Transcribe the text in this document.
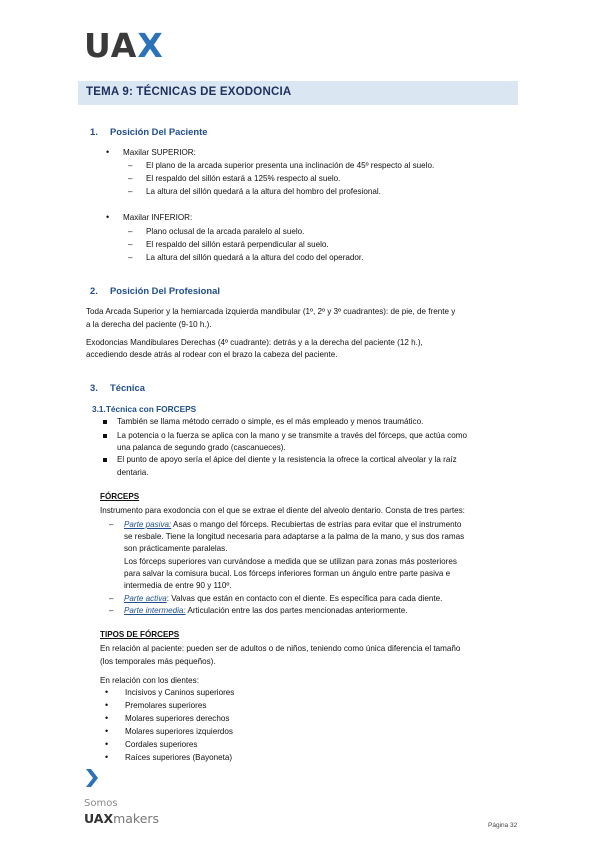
UAX
TEMA 9: TÉCNICAS DE EXODONCIA
1. Posición Del Paciente
• Maxilar SUPERIOR:
– El plano de la arcada superior presenta una inclinación de 45º respecto al suelo.
– El respaldo del sillón estará a 125% respecto al suelo.
– La altura del sillón quedará a la altura del hombro del profesional.
• Maxilar INFERIOR:
– Plano oclusal de la arcada paralelo al suelo.
– El respaldo del sillón estará perpendicular al suelo.
– La altura del sillón quedará a la altura del codo del operador.
2. Posición Del Profesional
Toda Arcada Superior y la hemiarcada izquierda mandibular (1º, 2º y 3º cuadrantes): de pie, de frente y
a la derecha del paciente (9-10 h.).
Exodoncias Mandibulares Derechas (4º cuadrante): detrás y a la derecha del paciente (12 h.),
accediendo desde atrás al rodear con el brazo la cabeza del paciente.
3. Técnica
3.1.Técnica con FORCEPS
También se llama método cerrado o simple, es el más empleado y menos traumático.
La potencia o la fuerza se aplica con la mano y se transmite a través del fórceps, que actúa como
una palanca de segundo grado (cascanueces).
El punto de apoyo sería el ápice del diente y la resistencia la ofrece la cortical alveolar y la raíz
dentaria.
FÓRCEPS
Instrumento para exodoncia con el que se extrae el diente del alveolo dentario. Consta de tres partes:
– Parte pasiva: Asas o mango del fórceps. Recubiertas de estrías para evitar que el instrumento
se resbale. Tiene la longitud necesaria para adaptarse a la palma de la mano, y sus dos ramas
son prácticamente paralelas.
Los fórceps superiores van curvándose a medida que se utilizan para zonas más posteriores
para salvar la comisura bucal. Los fórceps inferiores forman un ángulo entre parte pasiva e
intermedia de entre 90 y 110º.
– Parte activa: Valvas que están en contacto con el diente. Es específica para cada diente.
– Parte intermedia: Articulación entre las dos partes mencionadas anteriormente.
TIPOS DE FÓRCEPS
En relación al paciente: pueden ser de adultos o de niños, teniendo como única diferencia el tamaño
(los temporales más pequeños).
En relación con los dientes:
• Incisivos y Caninos superiores
• Premolares superiores
• Molares superiores derechos
• Molares superiores izquierdos
• Cordales superiores
• Raíces superiores (Bayoneta)
Somos
UAXmakers	Página 32
